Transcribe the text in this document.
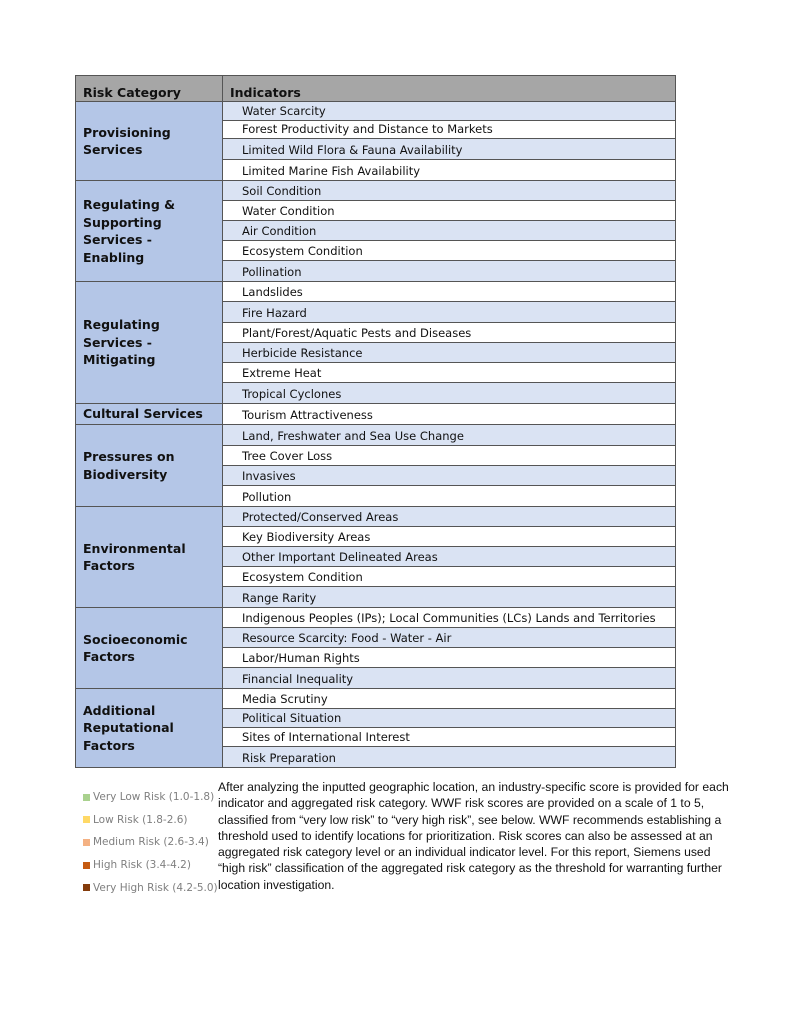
Risk Category	Indicators
Provisioning Services	Water Scarcity
	Forest Productivity and Distance to Markets
	Limited Wild Flora & Fauna Availability
	Limited Marine Fish Availability
Regulating & Supporting Services - Enabling	Soil Condition
	Water Condition
	Air Condition
	Ecosystem Condition
	Pollination
Regulating Services - Mitigating	Landslides
	Fire Hazard
	Plant/Forest/Aquatic Pests and Diseases
	Herbicide Resistance
	Extreme Heat
	Tropical Cyclones
Cultural Services	Tourism Attractiveness
Pressures on Biodiversity	Land, Freshwater and Sea Use Change
	Tree Cover Loss
	Invasives
	Pollution
Environmental Factors	Protected/Conserved Areas
	Key Biodiversity Areas
	Other Important Delineated Areas
	Ecosystem Condition
	Range Rarity
Socioeconomic Factors	Indigenous Peoples (IPs); Local Communities (LCs) Lands and Territories
	Resource Scarcity: Food - Water - Air
	Labor/Human Rights
	Financial Inequality
Additional Reputational Factors	Media Scrutiny
	Political Situation
	Sites of International Interest
	Risk Preparation
Very Low Risk (1.0-1.8)
Low Risk (1.8-2.6)
Medium Risk (2.6-3.4)
High Risk (3.4-4.2)
Very High Risk (4.2-5.0)

After analyzing the inputted geographic location, an industry-specific score is provided for each indicator and aggregated risk category. WWF risk scores are provided on a scale of 1 to 5, classified from “very low risk” to “very high risk”, see below. WWF recommends establishing a threshold used to identify locations for prioritization. Risk scores can also be assessed at an aggregated risk category level or an individual indicator level. For this report, Siemens used “high risk” classification of the aggregated risk category as the threshold for warranting further location investigation.
